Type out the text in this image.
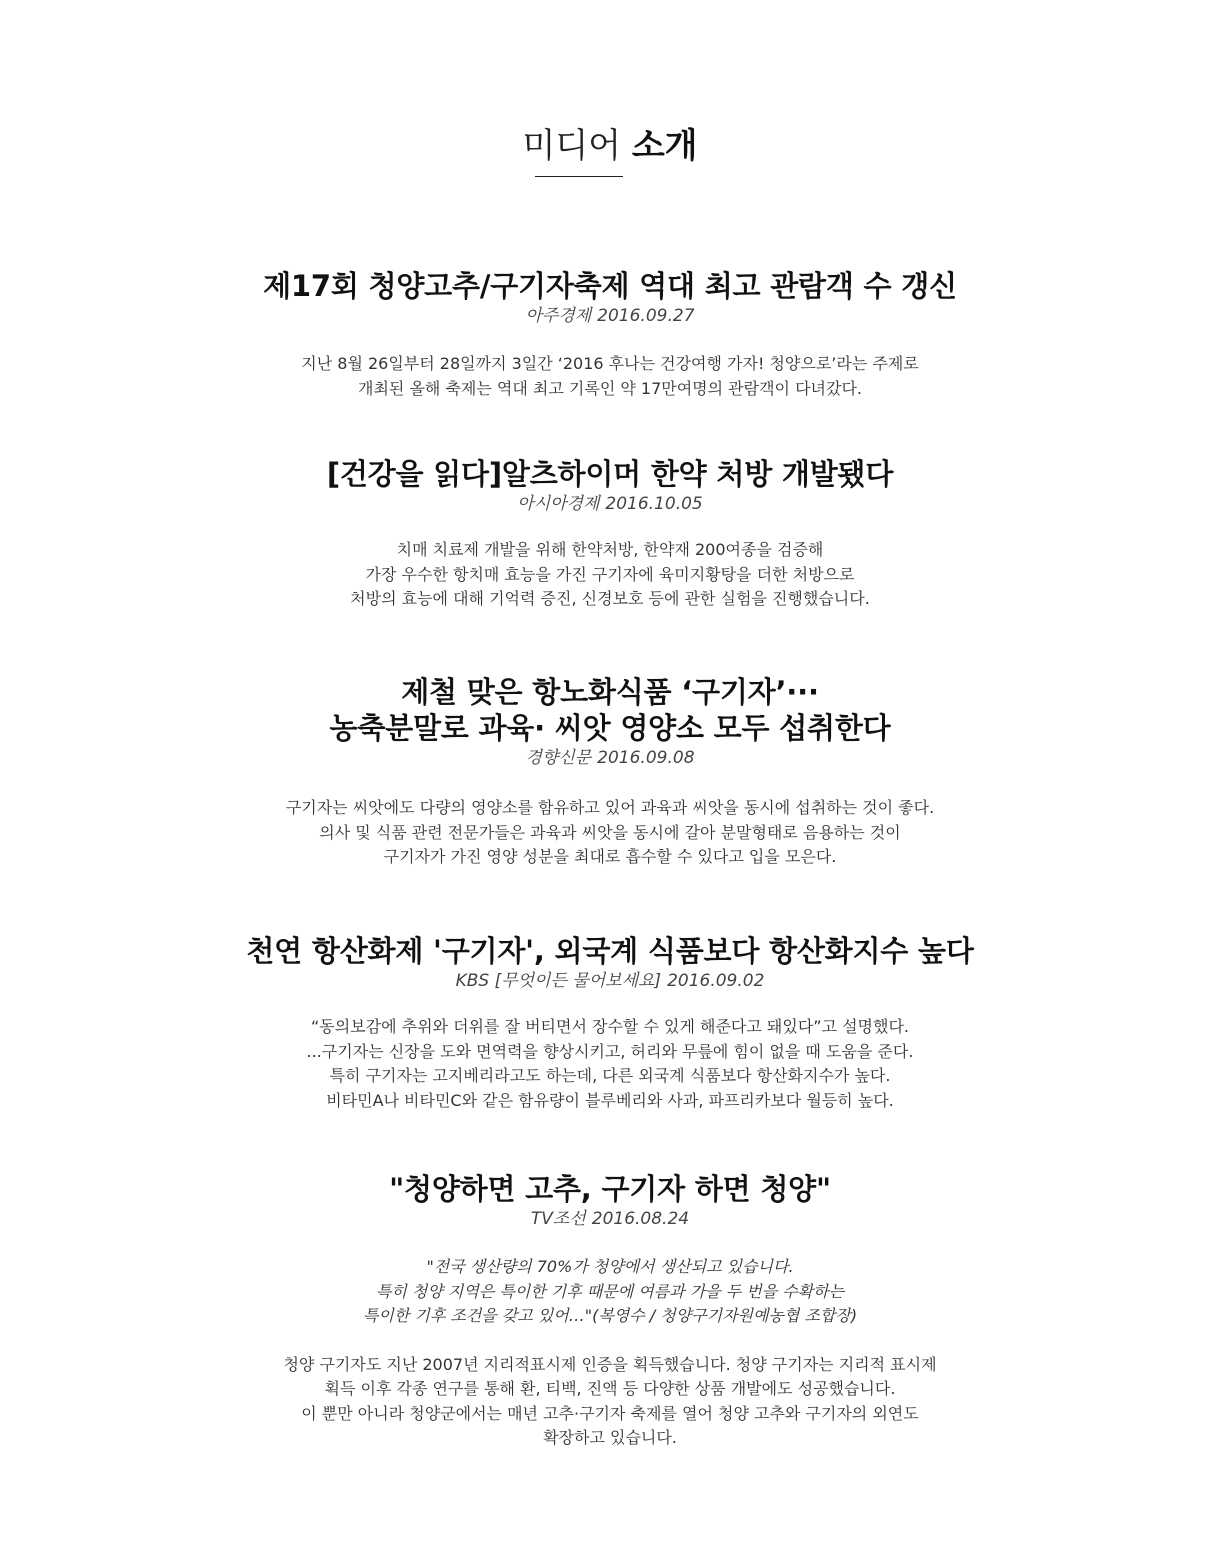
미디어 소개
제17회 청양고추/구기자축제 역대 최고 관람객 수 갱신

아주경제 2016.09.27

지난 8월 26일부터 28일까지 3일간 ‘2016 후나는 건강여행 가자! 청양으로’라는 주제로
개최된 올해 축제는 역대 최고 기록인 약 17만여명의 관람객이 다녀갔다.

[건강을 읽다]알츠하이머 한약 처방 개발됐다

아시아경제 2016.10.05

치매 치료제 개발을 위해 한약처방, 한약재 200여종을 검증해
가장 우수한 항치매 효능을 가진 구기자에 육미지황탕을 더한 처방으로
처방의 효능에 대해 기억력 증진, 신경보호 등에 관한 실험을 진행했습니다.

제철 맞은 항노화식품 ‘구기자’···
농축분말로 과육· 씨앗 영양소 모두 섭취한다

경향신문 2016.09.08

구기자는 씨앗에도 다량의 영양소를 함유하고 있어 과육과 씨앗을 동시에 섭취하는 것이 좋다.
의사 및 식품 관련 전문가들은 과육과 씨앗을 동시에 갈아 분말형태로 음용하는 것이
구기자가 가진 영양 성분을 최대로 흡수할 수 있다고 입을 모은다.

천연 항산화제 '구기자', 외국계 식품보다 항산화지수 높다

KBS [무엇이든 물어보세요] 2016.09.02

“동의보감에 추위와 더위를 잘 버티면서 장수할 수 있게 해준다고 돼있다”고 설명했다.
...구기자는 신장을 도와 면역력을 향상시키고, 허리와 무릎에 힘이 없을 때 도움을 준다.
특히 구기자는 고지베리라고도 하는데, 다른 외국계 식품보다 항산화지수가 높다.
비타민A나 비타민C와 같은 함유량이 블루베리와 사과, 파프리카보다 월등히 높다.

"청양하면 고추, 구기자 하면 청양"

TV조선 2016.08.24

"전국 생산량의 70%가 청양에서 생산되고 있습니다.
특히 청양 지역은 특이한 기후 때문에 여름과 가을 두 번을 수확하는
특이한 기후 조건을 갖고 있어…"(복영수 / 청양구기자원예농협 조합장)

청양 구기자도 지난 2007년 지리적표시제 인증을 획득했습니다. 청양 구기자는 지리적 표시제
획득 이후 각종 연구를 통해 환, 티백, 진액 등 다양한 상품 개발에도 성공했습니다.
이 뿐만 아니라 청양군에서는 매년 고추·구기자 축제를 열어 청양 고추와 구기자의 외연도
확장하고 있습니다.
